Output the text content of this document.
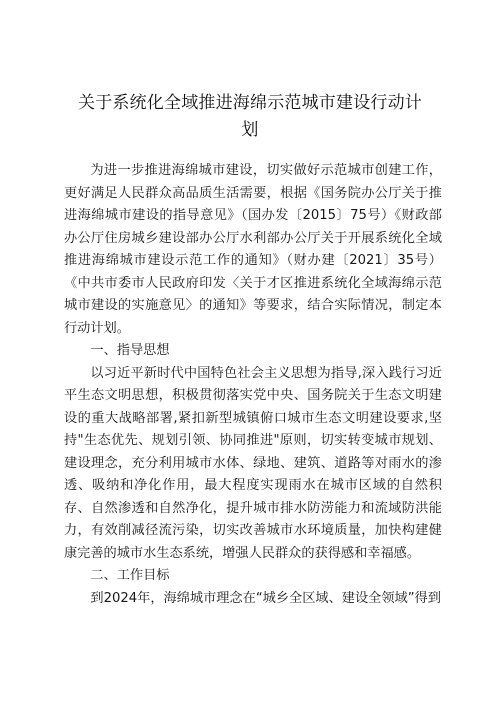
关于系统化全域推进海绵示范城市建设行动计划

为进一步推进海绵城市建设，切实做好示范城市创建工作，更好满足人民群众高品质生活需要，根据《国务院办公厅关于推进海绵城市建设的指导意见》（国办发〔2015〕75号）《财政部办公厅住房城乡建设部办公厅水利部办公厅关于开展系统化全域推进海绵城市建设示范工作的通知》（财办建〔2021〕35号）《中共市委市人民政府印发〈关于才区推进系统化全域海绵示范城市建设的实施意见〉的通知》等要求，结合实际情况，制定本行动计划。

一、指导思想

以习近平新时代中国特色社会主义思想为指导,深入践行习近平生态文明思想，积极贯彻落实党中央、国务院关于生态文明建设的重大战略部署,紧扣新型城镇俯口城市生态文明建设要求,坚持"生态优先、规划引领、协同推进"原则，切实转变城市规划、建设理念，充分利用城市水体、绿地、建筑、道路等对雨水的渗透、吸纳和净化作用，最大程度实现雨水在城市区域的自然积存、自然渗透和自然净化，提升城市排水防涝能力和流域防洪能力，有效削减径流污染，切实改善城市水环境质量，加快构建健康完善的城市水生态系统，增强人民群众的获得感和幸福感。

二、工作目标

到2024年，海绵城市理念在“城乡全区域、建设全领域”得到
